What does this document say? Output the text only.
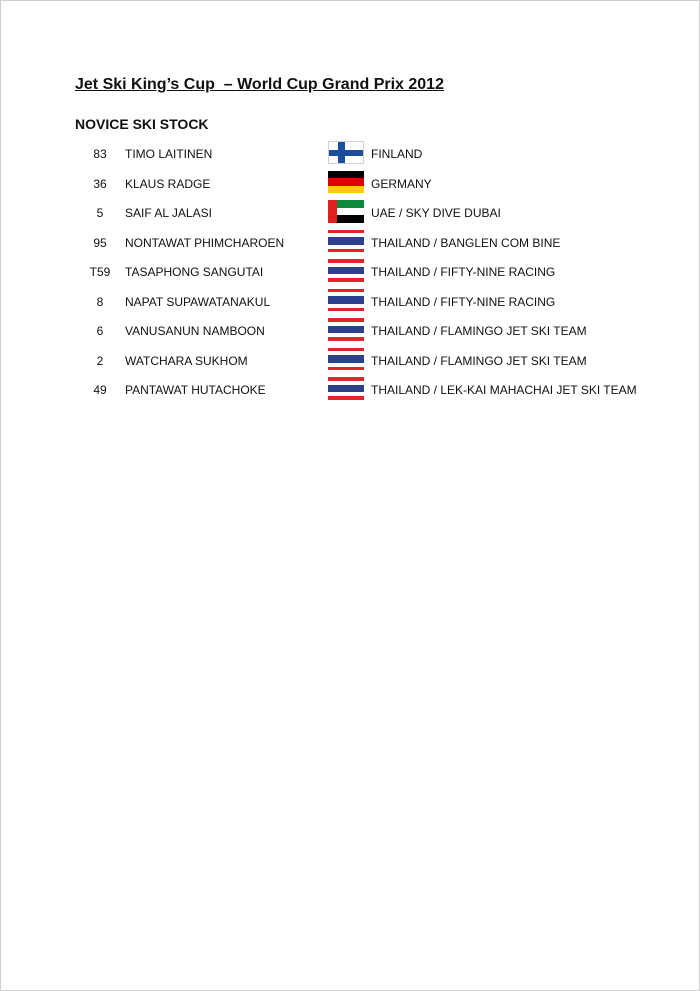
Jet Ski King’s Cup  – World Cup Grand Prix 2012
NOVICE SKI STOCK
83	TIMO LAITINEN	FINLAND
36	KLAUS RADGE	GERMANY
5	SAIF AL JALASI	UAE / SKY DIVE DUBAI
95	NONTAWAT PHIMCHAROEN	THAILAND / BANGLEN COM BINE
T59	TASAPHONG SANGUTAI	THAILAND / FIFTY-NINE RACING
8	NAPAT SUPAWATANAKUL	THAILAND / FIFTY-NINE RACING
6	VANUSANUN NAMBOON	THAILAND / FLAMINGO JET SKI TEAM
2	WATCHARA SUKHOM	THAILAND / FLAMINGO JET SKI TEAM
49	PANTAWAT HUTACHOKE	THAILAND / LEK-KAI MAHACHAI JET SKI TEAM
